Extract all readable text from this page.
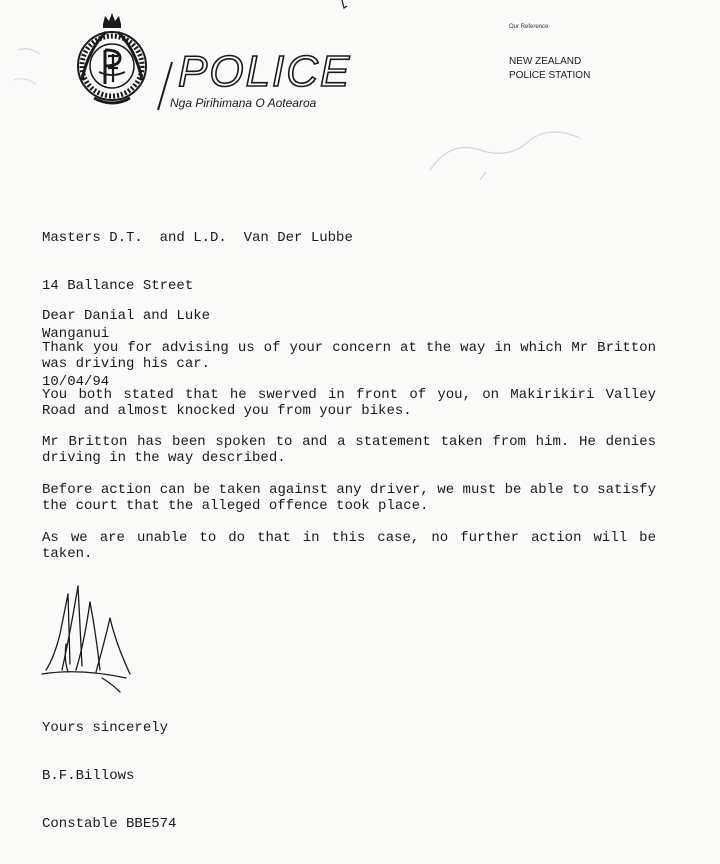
POLICE
Nga Pirihimana O Aotearoa
Our Reference
NEW ZEALAND
POLICE STATION

Masters D.T.  and L.D.  Van Der Lubbe

14 Ballance Street

Wanganui

10/04/94

Dear Danial and Luke
Thank you for advising us of your concern at the way in which Mr Britton was driving his car.
You both stated that he swerved in front of you, on Makirikiri Valley Road and almost knocked you from your bikes.
Mr Britton has been spoken to and a statement taken from him. He denies driving in the way described.
Before action can be taken against any driver, we must be able to satisfy the court that the alleged offence took place.
As we are unable to do that in this case, no further action will be taken.

Yours sincerely

B.F.Billows

Constable BBE574
